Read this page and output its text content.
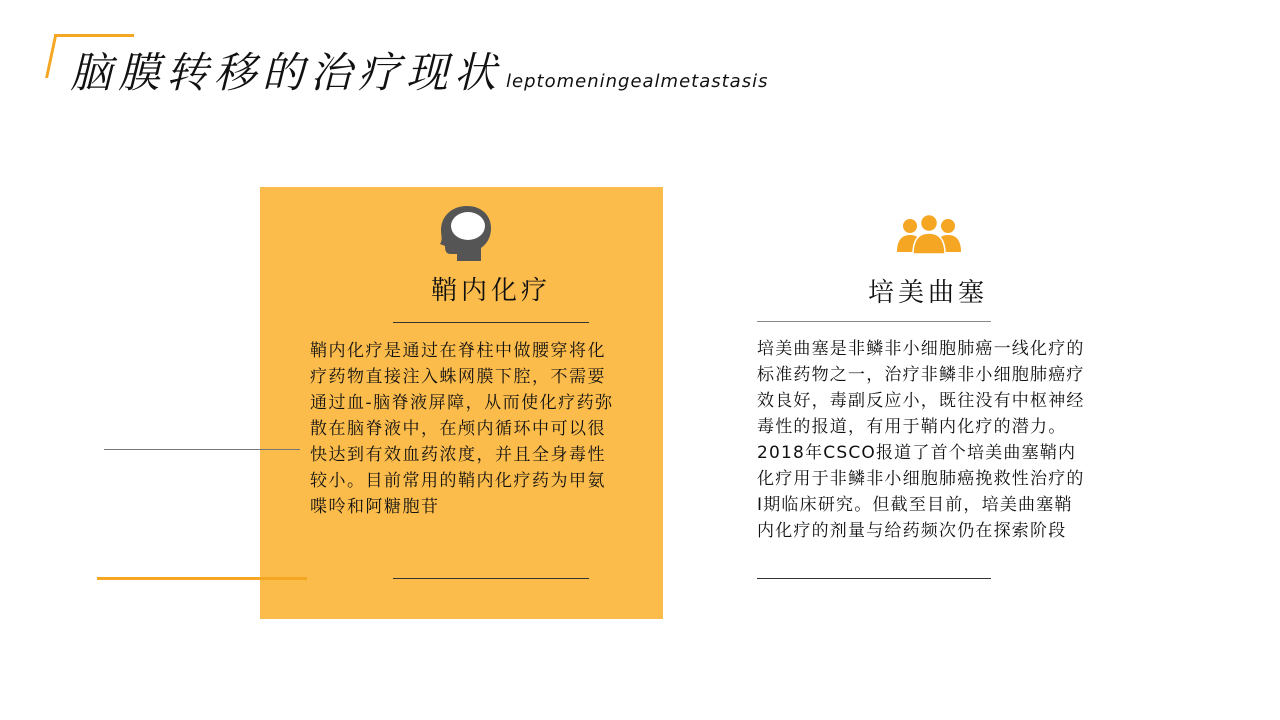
脑膜转移的治疗现状 leptomeningealmetastasis
鞘内化疗
鞘内化疗是通过在脊柱中做腰穿将化疗药物直接注入蛛网膜下腔，不需要通过血-脑脊液屏障，从而使化疗药弥散在脑脊液中，在颅内循环中可以很快达到有效血药浓度，并且全身毒性较小。目前常用的鞘内化疗药为甲氨喋呤和阿糖胞苷
培美曲塞
培美曲塞是非鳞非小细胞肺癌一线化疗的标准药物之一，治疗非鳞非小细胞肺癌疗效良好，毒副反应小，既往没有中枢神经毒性的报道，有用于鞘内化疗的潜力。2018年CSCO报道了首个培美曲塞鞘内化疗用于非鳞非小细胞肺癌挽救性治疗的I期临床研究。但截至目前，培美曲塞鞘内化疗的剂量与给药频次仍在探索阶段
